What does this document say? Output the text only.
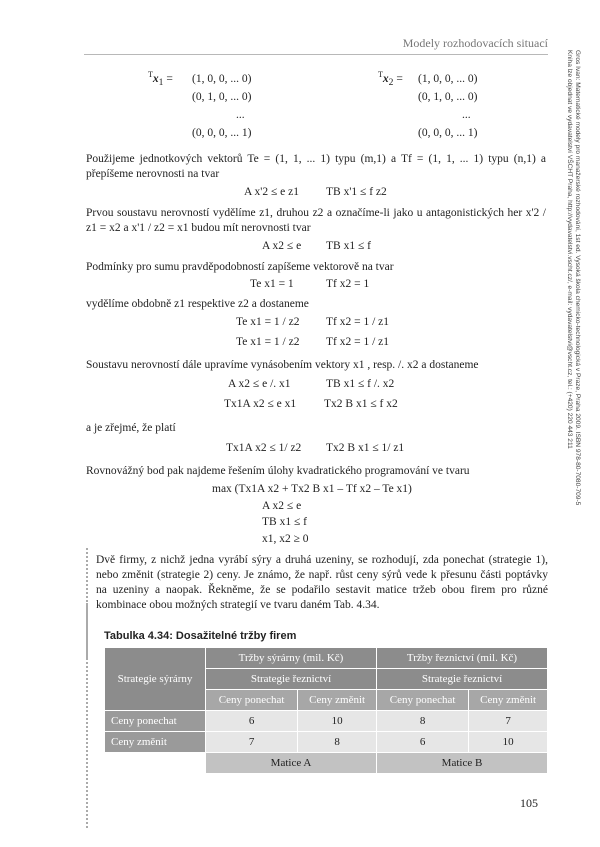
Modely rozhodovacích situací
Gros Ivan: Matematické modely pro manažerské rozhodování, 1st ed. Vysoká škola chemicko-technologická v Praze, Praha 2009. ISBN 978-80-7080-709-5
Kniha lze objednat ve vydavatelství VŠCHT Praha, http://vydavatelstvi.vscht.cz/, e-mail: vydavatelstvi@vscht.cz, tel.: (+420) 220 443 211
$^Tx_1 = (1$, 0, 0, ... 0)
(0, 1, 0, ... 0)
...
(0, 0, 0, ... 1)
$^Tx_2 = (1$, 0, 0, ... 0)
(0, 1, 0, ... 0)
...
(0, 0, 0, ... 1)
Použijeme jednotkových vektorů Te = (1, 1, ... 1) typu (m,1) a Tf = (1, 1, ... 1) typu (n,1) a přepíšeme nerovnosti na tvar
A x'2 ≤ e z1 TB x'1 ≤ f z2
Prvou soustavu nerovností vydělíme z1, druhou z2 a označíme-li jako u antagonistických her x'2 / z1 = x2 a x'1 / z2 = x1 budou mít nerovnosti tvar
A x2 ≤ e TB x1 ≤ f
Podmínky pro sumu pravděpodobností zapíšeme vektorově na tvar
Te x1 = 1	Tf x2 = 1
vydělíme obdobně z1 respektive z2 a dostaneme
Te x1 = 1 / z2 Tf x2 = 1 / z1
Te x1 = 1 / z2 Tf x2 = 1 / z1
Soustavu nerovností dále upravíme vynásobením vektory x1 , resp. /. x2 a dostaneme
A x2 ≤ e /. x1	TB x1 ≤ f /. x2
Tx1A x2 ≤ e x1 Tx2 B x1 ≤ f x2
a je zřejmé, že platí
Tx1A x2 ≤ 1/ z2 Tx2 B x1 ≤ 1/ z1
Rovnovážný bod pak najdeme řešením úlohy kvadratického programování ve tvaru
max (Tx1A x2 + Tx2 B x1 – Tf x2 – Te x1)
A x2 ≤ e
TB x1 ≤ f
x1, x2 ≥ 0
Dvě firmy, z nichž jedna vyrábí sýry a druhá uzeniny, se rozhodují, zda ponechat (strategie 1), nebo změnit (strategie 2) ceny. Je známo, že např. růst ceny sýrů vede k přesunu části poptávky na uzeniny a naopak. Řekněme, že se podařilo sestavit matice tržeb obou firem pro různé kombinace obou možných strategií ve tvaru daném Tab. 4.34.
Tabulka 4.34: Dosažitelné tržby firem
Strategie sýrárny	Tržby sýrárny (mil. Kč)		Tržby řeznictví (mil. Kč)	
	Strategie řeznictví		Strategie řeznictví	
	Ceny ponechat	Ceny změnit	Ceny ponechat	Ceny změnit
Ceny ponechat	6	10	8	7
Ceny změnit	7	8	6	10
	Matice A		Matice B	
105
